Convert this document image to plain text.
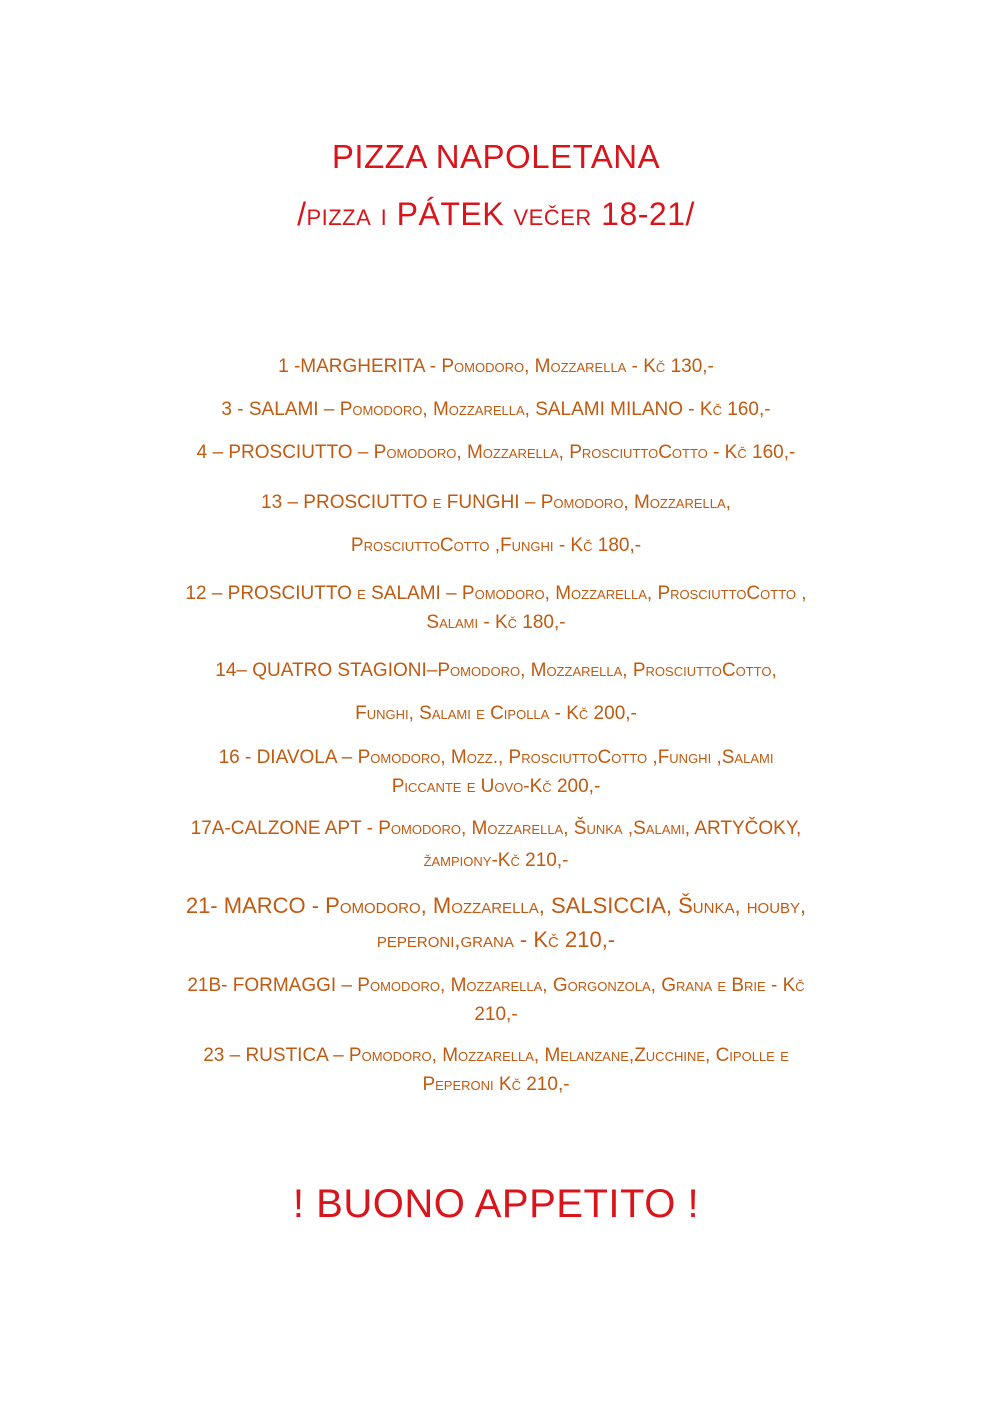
PIZZA NAPOLETANA
/pizza i PÁTEK večer 18-21/
1 -MARGHERITA - Pomodoro, Mozzarella - Kč 130,-
3 - SALAMI – Pomodoro, Mozzarella, SALAMI MILANO - Kč 160,-
4 – PROSCIUTTO – Pomodoro, Mozzarella, ProsciuttoCotto - Kč 160,-
13 – PROSCIUTTO e FUNGHI – Pomodoro, Mozzarella,
ProsciuttoCotto ,Funghi - Kč 180,-
12 – PROSCIUTTO e SALAMI – Pomodoro, Mozzarella, ProsciuttoCotto ,
Salami - Kč 180,-
14– QUATRO STAGIONI–Pomodoro, Mozzarella, ProsciuttoCotto,
Funghi, Salami e Cipolla - Kč 200,-
16 - DIAVOLA – Pomodoro, Mozz., ProsciuttoCotto ,Funghi ,Salami
Piccante e Uovo-Kč 200,-
17A-CALZONE APT - Pomodoro, Mozzarella, Šunka ,Salami, ARTYČOKY,
žampiony-Kč 210,-
21- MARCO - Pomodoro, Mozzarella, SALSICCIA, Šunka, houby,
peperoni,grana - Kč 210,-
21B- FORMAGGI – Pomodoro, Mozzarella, Gorgonzola, Grana e Brie - Kč
210,-
23 – RUSTICA – Pomodoro, Mozzarella, Melanzane,Zucchine, Cipolle e
Peperoni Kč 210,-
! BUONO APPETITO !
